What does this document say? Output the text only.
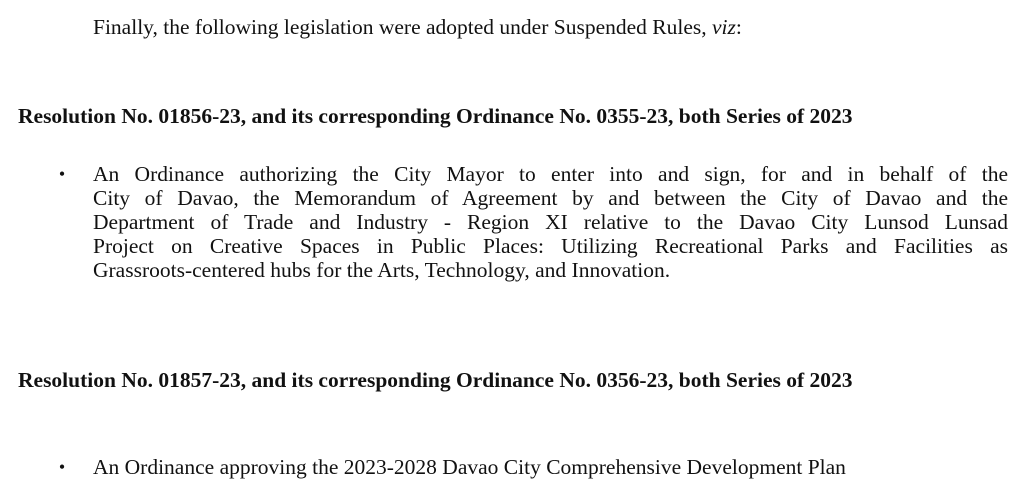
Finally, the following legislation were adopted under Suspended Rules, viz:

Resolution No. 01856-23, and its corresponding Ordinance No. 0355-23, both Series of 2023
• An Ordinance authorizing the City Mayor to enter into and sign, for and in behalf of the
City of Davao, the Memorandum of Agreement by and between the City of Davao and the
Department of Trade and Industry - Region XI relative to the Davao City Lunsod Lunsad
Project on Creative Spaces in Public Places: Utilizing Recreational Parks and Facilities as
Grassroots-centered hubs for the Arts, Technology, and Innovation.
Resolution No. 01857-23, and its corresponding Ordinance No. 0356-23, both Series of 2023
• An Ordinance approving the 2023-2028 Davao City Comprehensive Development Plan
